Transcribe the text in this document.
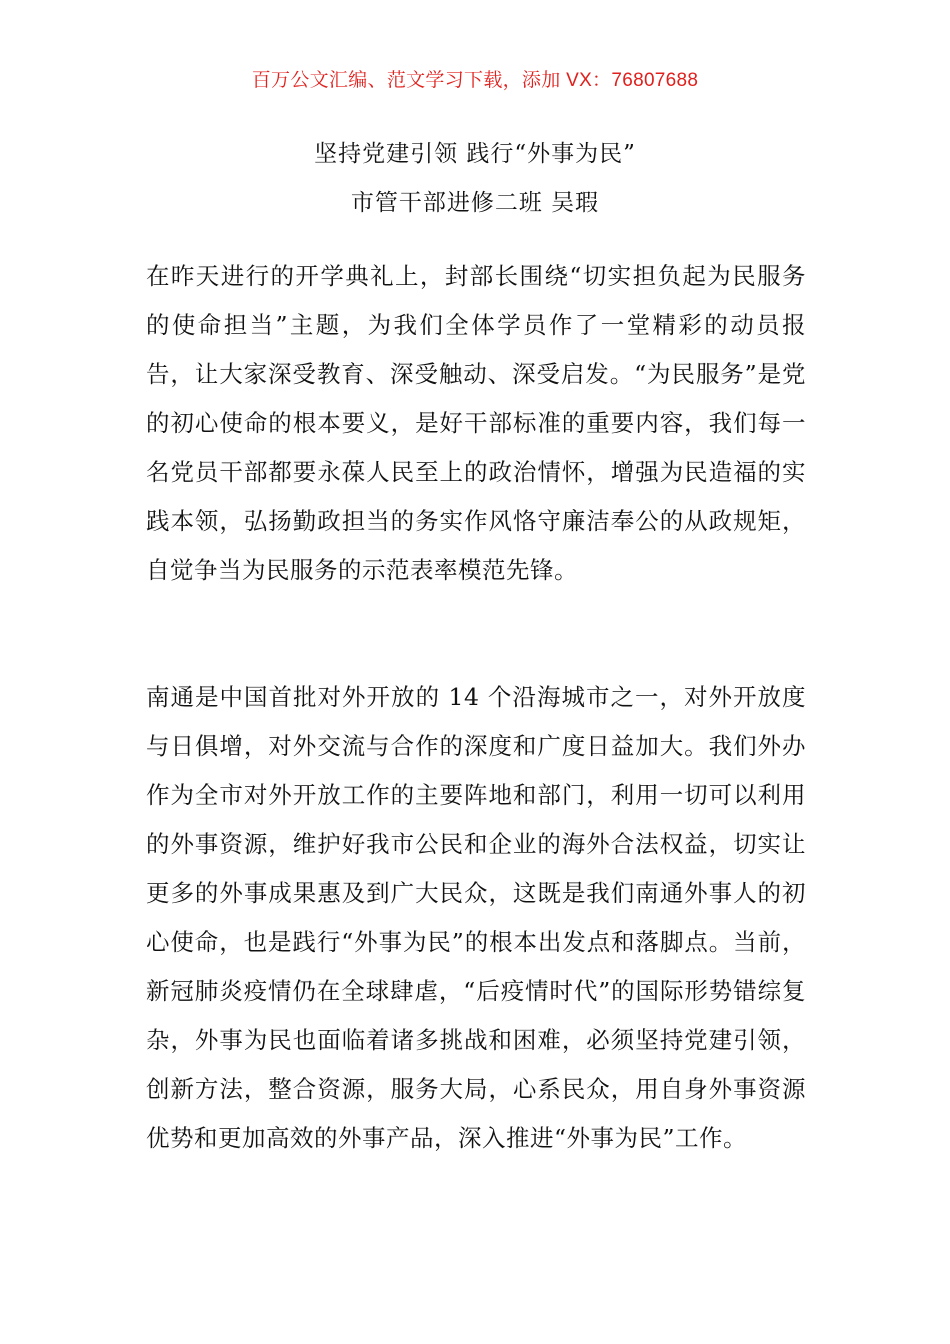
百万公文汇编、范文学习下载，添加 VX：76807688
坚持党建引领 践行“外事为民”
市管干部进修二班 吴瑕

在昨天进行的开学典礼上，封部长围绕“切实担负起为民服务的使命担当”主题，为我们全体学员作了一堂精彩的动员报告，让大家深受教育、深受触动、深受启发。“为民服务”是党的初心使命的根本要义，是好干部标准的重要内容，我们每一名党员干部都要永葆人民至上的政治情怀，增强为民造福的实践本领，弘扬勤政担当的务实作风恪守廉洁奉公的从政规矩，自觉争当为民服务的示范表率模范先锋。

南通是中国首批对外开放的 14 个沿海城市之一，对外开放度与日俱增，对外交流与合作的深度和广度日益加大。我们外办作为全市对外开放工作的主要阵地和部门，利用一切可以利用的外事资源，维护好我市公民和企业的海外合法权益，切实让更多的外事成果惠及到广大民众，这既是我们南通外事人的初心使命，也是践行“外事为民”的根本出发点和落脚点。当前，新冠肺炎疫情仍在全球肆虐，“后疫情时代”的国际形势错综复杂，外事为民也面临着诸多挑战和困难，必须坚持党建引领，创新方法，整合资源，服务大局，心系民众，用自身外事资源优势和更加高效的外事产品，深入推进“外事为民”工作。
